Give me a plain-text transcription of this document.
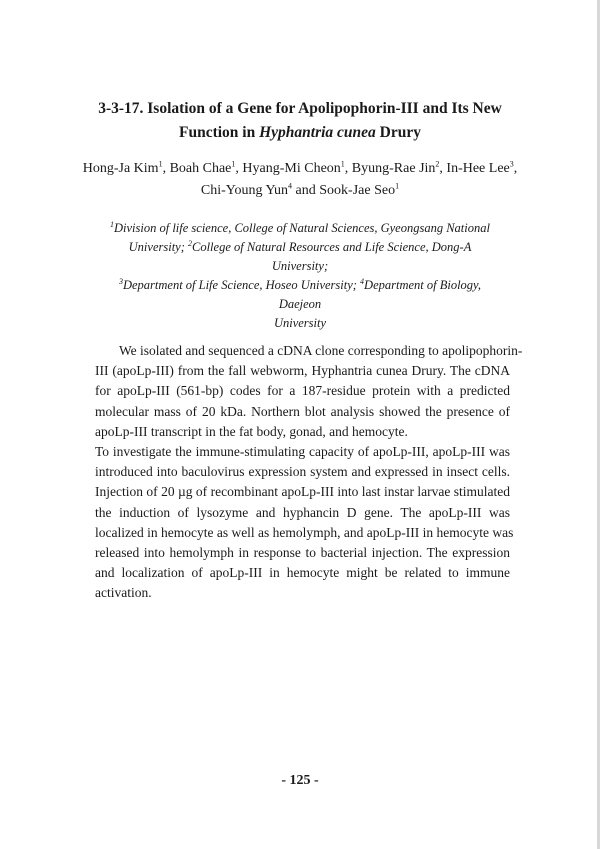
3-3-17. Isolation of a Gene for Apolipophorin-III and Its New
Function in Hyphantria cunea Drury

Hong-Ja Kim$^1$, Boah Chae$^1$, Hyang-Mi Cheon$^1$, Byung-Rae Jin$^2$, In-Hee Lee$^3$,
Chi-Young Yun$^4$ and Sook-Jae Seo$^1$

$^1$Division of life science, College of Natural Sciences, Gyeongsang National
University; $^2$College of Natural Resources and Life Science, Dong-A University;
$^3$Department of Life Science, Hoseo University; $^4$Department of Biology, Daejeon
University

We isolated and sequenced a cDNA clone corresponding to apolipophorin-
III (apoLp-III) from the fall webworm, Hyphantria cunea Drury. The cDNA
for apoLp-III (561-bp) codes for a 187-residue protein with a predicted
molecular mass of 20 kDa. Northern blot analysis showed the presence of
apoLp-III transcript in the fat body, gonad, and hemocyte.
To investigate the immune-stimulating capacity of apoLp-III, apoLp-III was
introduced into baculovirus expression system and expressed in insect cells.
Injection of 20 µg of recombinant apoLp-III into last instar larvae stimulated
the induction of lysozyme and hyphancin D gene. The apoLp-III was
localized in hemocyte as well as hemolymph, and apoLp-III in hemocyte was
released into hemolymph in response to bacterial injection. The expression
and localization of apoLp-III in hemocyte might be related to immune
activation.

- 125 -
